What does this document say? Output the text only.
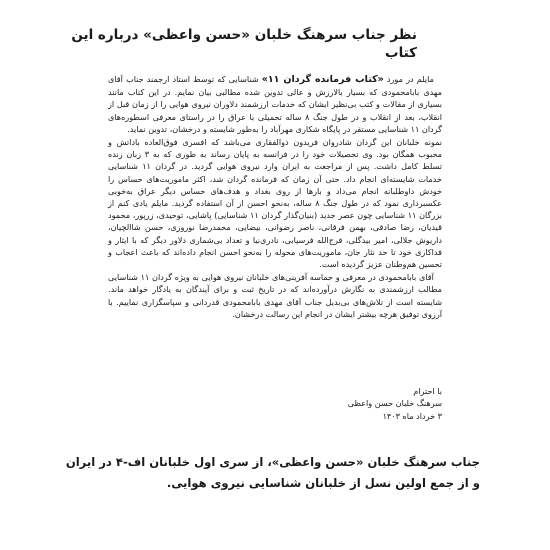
نظر جناب سرهنگ خلبان «حسن واعظی» درباره این کتاب

مایلم در مورد «کتاب فرمانده گردان ۱۱» شناسایی که توسط استاد ارجمند جناب آقای مهدی بابامحمودی که بسیار بالارزش و عالی تدوین شده مطالبی بیان نمایم. در این کتاب مانند بسیاری از مقالات و کتب بی‌نظیر ایشان که خدمات ارزشمند دلاوران نیروی هوایی را از زمان قبل از انقلاب، بعد از انقلاب و در طول جنگ ۸ ساله تحمیلی با عراق را در راستای معرفی اسطوره‌های گردان ۱۱ شناسایی مستقر در پایگاه شکاری مهرآباد را به‌طور شایسته و درخشان، تدوین نماید.

نمونه خلبانان این گردان شادروان فریدون ذوالفقاری می‌باشد که افسری فوق‌العاده باداتش و محبوب همگان بود. وی تحصیلات خود را در فرانسه به پایان رساند به طوری که به ۳ زبان زنده تسلط کامل داشت. پس از مراجعت به ایران وارد نیروی هوایی گردید. در گردان ۱۱ شناسایی خدمات شایسته‌ای انجام داد. حتی آن زمان که فرمانده گردان شد، اکثر ماموریت‌های حساس را خودش داوطلبانه انجام می‌داد و بارها از روی بغداد و هدف‌های حساس دیگر عراق به‌خوبی عکسبرداری نمود که در طول جنگ ۸ ساله، به‌نحو احسن از آن استفاده گردید. مایلم یادی کنم از بزرگان ۱۱ شناسایی چون عصر جدید (بنیان‌گذار گردان ۱۱ شناسایی) پاشایی، توحیدی، زرپور، محمود قیدیان، رضا صادقی، بهمن فرقانی، ناصر رضوانی، بیضایی، محمدرضا نوروزی، حسن شاالچیان، داریوش جلالی، امیر بیدگلی، فرج‌الله فرسیابی، نادری‌نیا و تعداد بی‌شماری دلاور دیگر که با ایثار و فداکاری خود تا حد نثار جان، ماموریت‌های محوله را به‌نحو احسن انجام داده‌اند که باعث اعجاب و تحسین هم‌وطنان عزیز گردیده است.

آقای بابامحمودی در معرفی و حماسه آفرینی‌های خلبانان نیروی هوایی به ویژه گردان ۱۱ شناسایی مطالب ارزشمندی به نگارش درآورده‌اند که در تاریخ ثبت و برای آیندگان به یادگار خواهد ماند. شایسته است از تلاش‌های بی‌بدیل جناب آقای مهدی بابامحمودی قدردانی و سپاسگزاری نماییم. با آرزوی توفیق هرچه بیشتر ایشان در انجام این رسالت درخشان.

با احترام
سرهنگ خلبان حسن واعظی
۳ خرداد ماه ۱۴۰۳

جناب سرهنگ خلبان «حسن واعظی»، از سری اول خلبانان اف-۴ در ایران و از جمع اولین نسل از خلبانان شناسایی نیروی هوایی.
